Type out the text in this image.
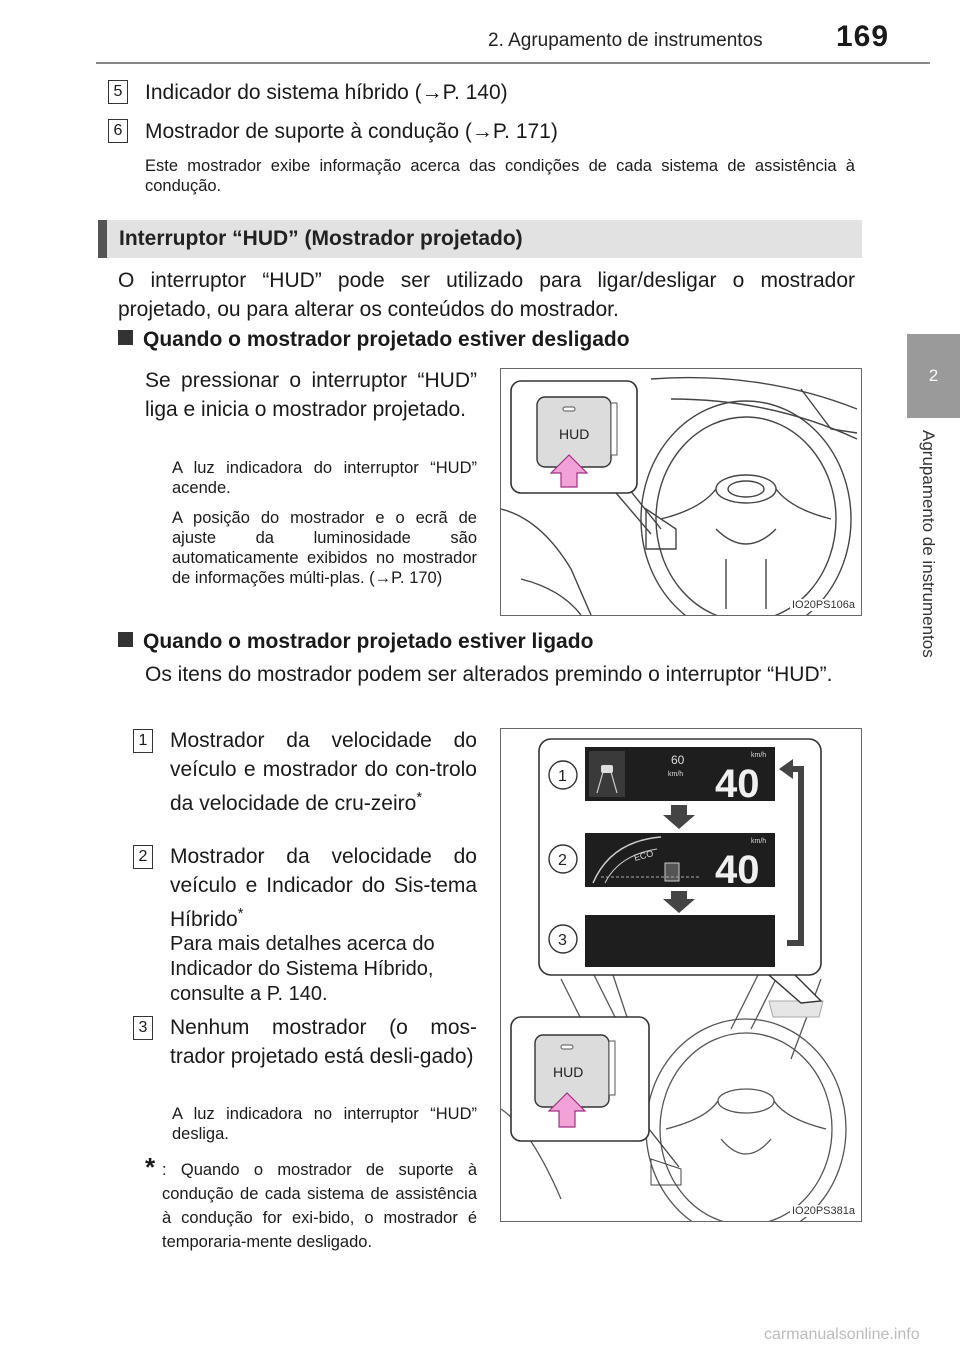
2. Agrupamento de instrumentos 169
2
Agrupamento de instrumentos
5 Indicador do sistema híbrido (→P. 140)
6 Mostrador de suporte à condução (→P. 171)
Este mostrador exibe informação acerca das condições de cada sistema de assistência à condução.
Interruptor “HUD” (Mostrador projetado)
O interruptor “HUD” pode ser utilizado para ligar/desligar o mostrador projetado, ou para alterar os conteúdos do mostrador.
Quando o mostrador projetado estiver desligado
Se pressionar o interruptor “HUD” liga e inicia o mostrador projetado.
A luz indicadora do interruptor “HUD” acende.
A posição do mostrador e o ecrã de ajuste da luminosidade são automaticamente exibidos no mostrador de informações múlti-plas. (→P. 170)
HUD
IO20PS106a
Quando o mostrador projetado estiver ligado
Os itens do mostrador podem ser alterados premindo o interruptor “HUD”.
1 Mostrador da velocidade do veículo e mostrador do con-trolo da velocidade de cru-zeiro*
2 Mostrador da velocidade do veículo e Indicador do Sis-tema Híbrido*
Para mais detalhes acerca do Indicador do Sistema Híbrido, consulte a P. 140.
3 Nenhum mostrador (o mos-trador projetado está desli-gado)
A luz indicadora no interruptor “HUD” desliga.
* : Quando o mostrador de suporte à condução de cada sistema de assistência à condução for exi-bido, o mostrador é temporaria-mente desligado.
60
km/h
km/h
40
ECO
km/h
40
1
2
3
HUD
IO20PS381a
carmanualsonline.info
